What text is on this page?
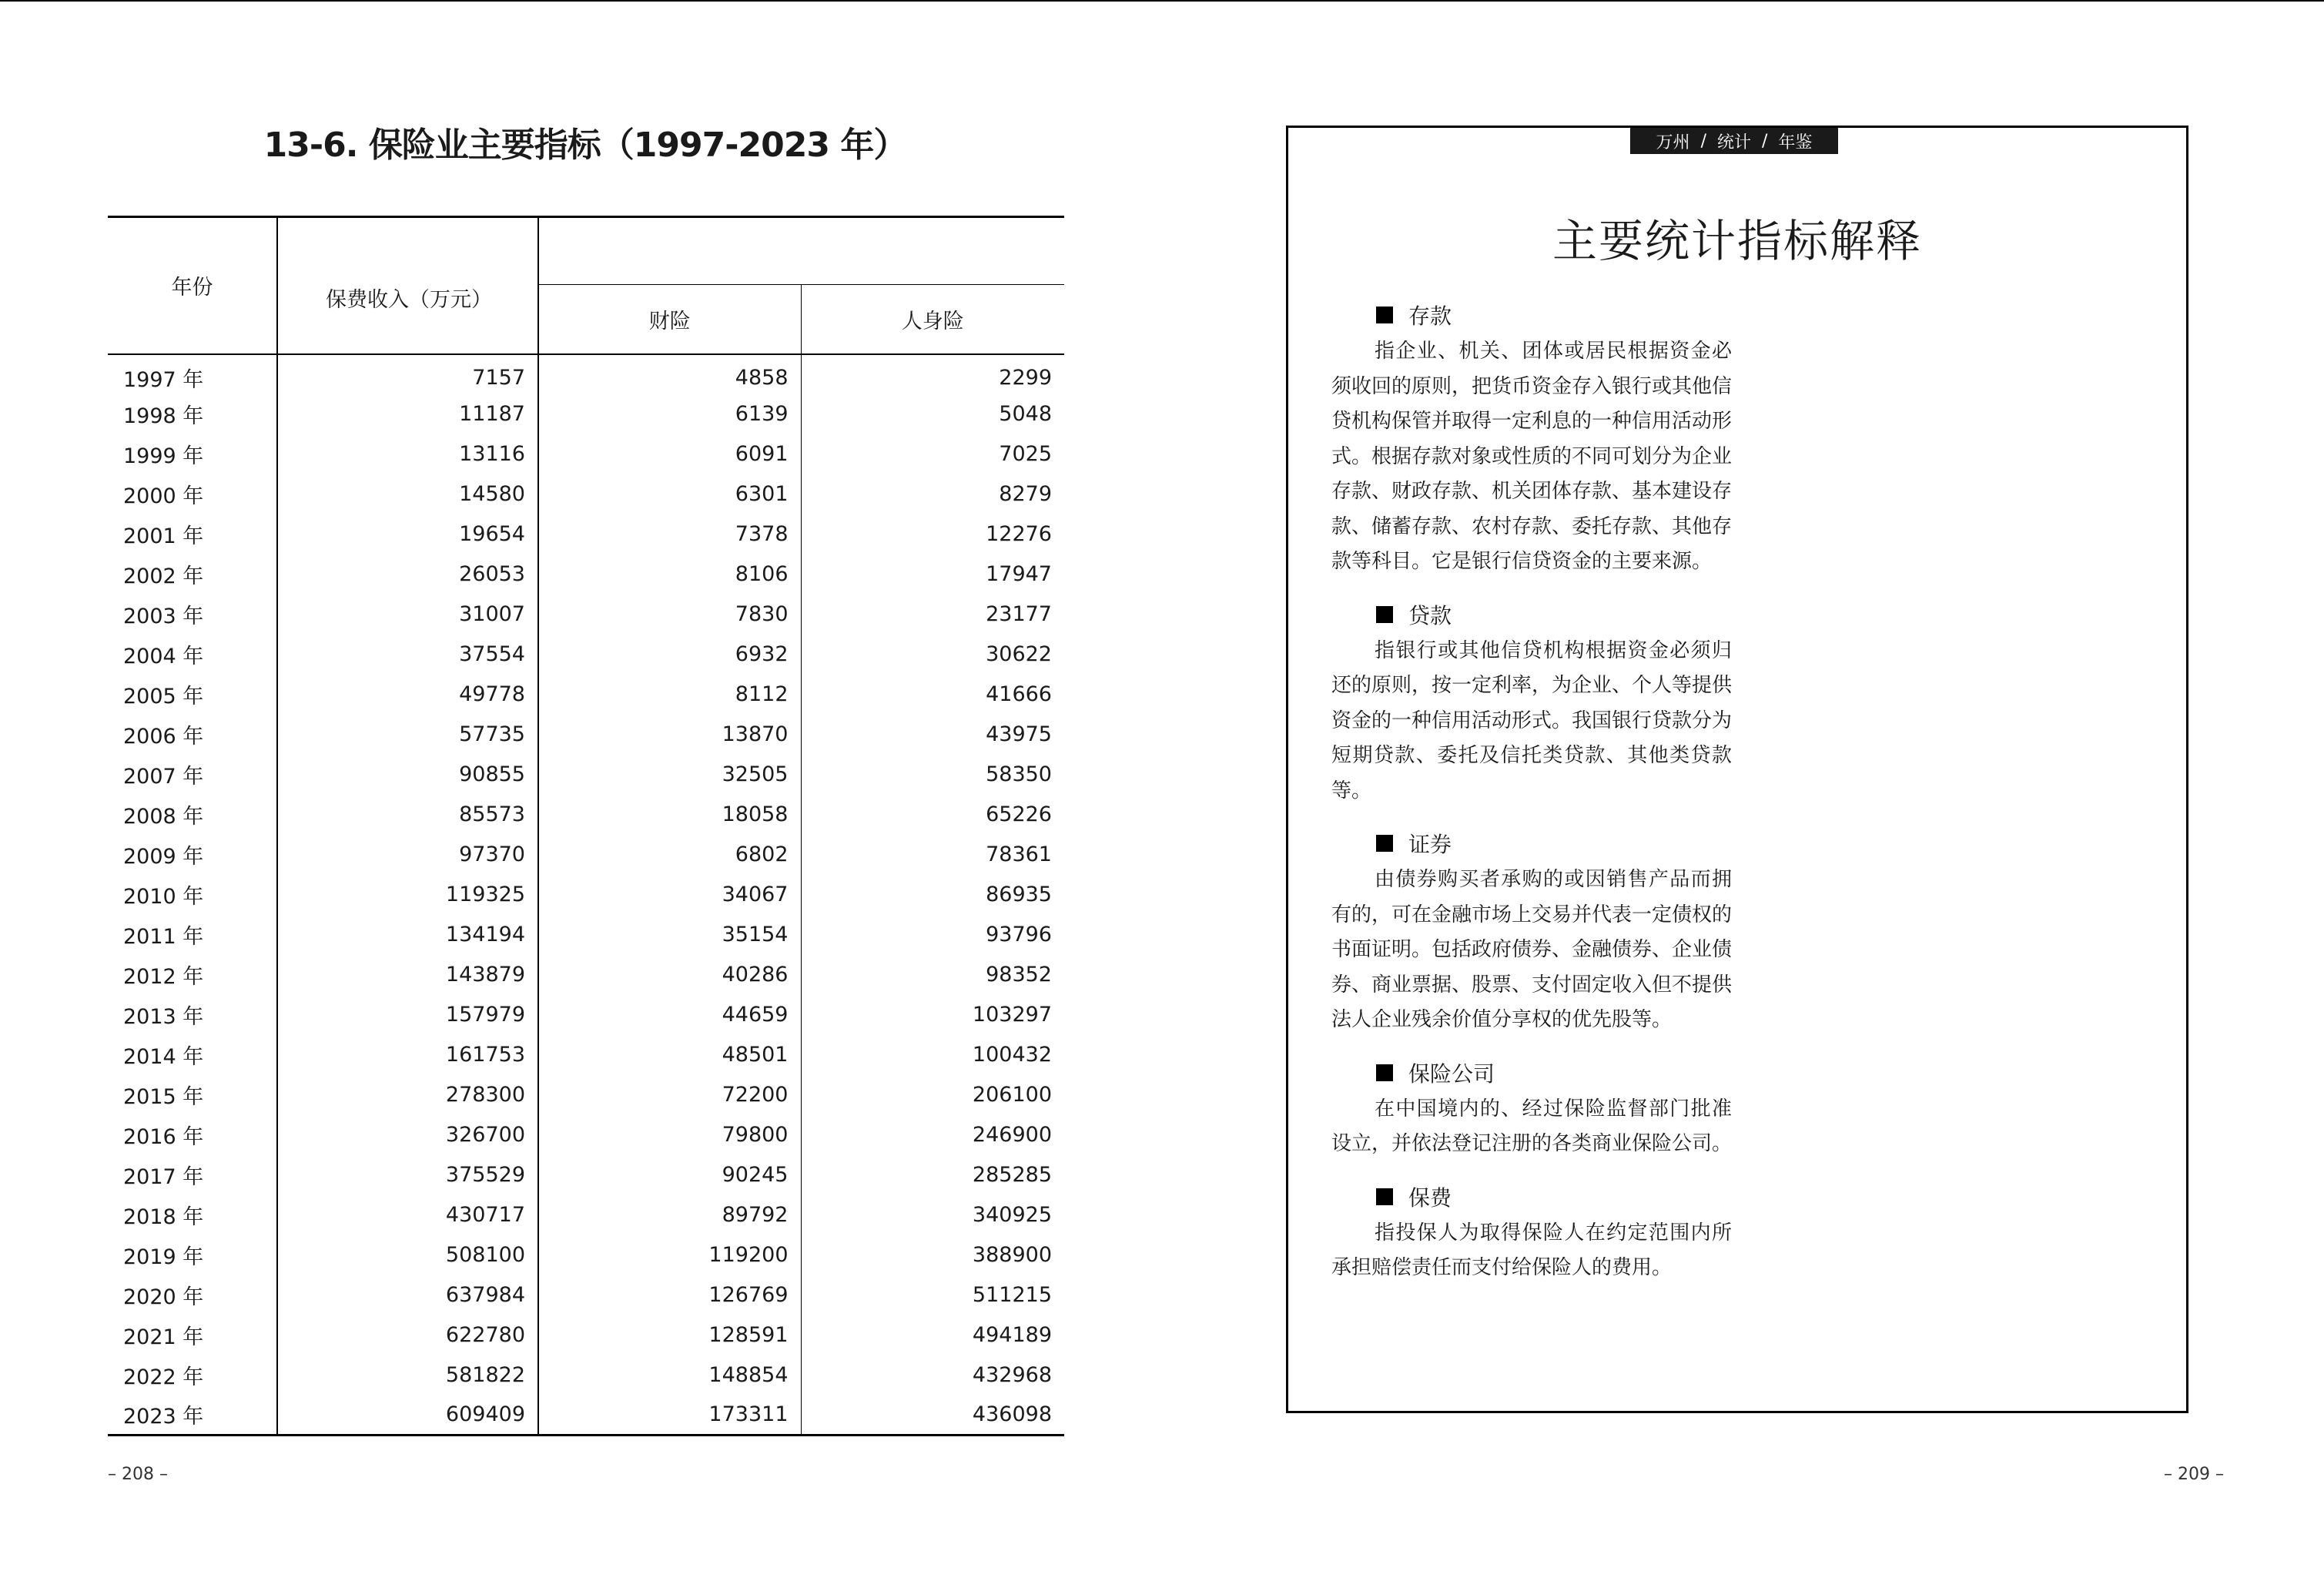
13-6. 保险业主要指标（1997-2023 年）
年份	保费收入（万元）		
		财险	人身险
1997 年	7157	4858	2299
1998 年	11187	6139	5048
1999 年	13116	6091	7025
2000 年	14580	6301	8279
2001 年	19654	7378	12276
2002 年	26053	8106	17947
2003 年	31007	7830	23177
2004 年	37554	6932	30622
2005 年	49778	8112	41666
2006 年	57735	13870	43975
2007 年	90855	32505	58350
2008 年	85573	18058	65226
2009 年	97370	6802	78361
2010 年	119325	34067	86935
2011 年	134194	35154	93796
2012 年	143879	40286	98352
2013 年	157979	44659	103297
2014 年	161753	48501	100432
2015 年	278300	72200	206100
2016 年	326700	79800	246900
2017 年	375529	90245	285285
2018 年	430717	89792	340925
2019 年	508100	119200	388900
2020 年	637984	126769	511215
2021 年	622780	128591	494189
2022 年	581822	148854	432968
2023 年	609409	173311	436098
– 208 –
万州 / 统计 / 年鉴
主要统计指标解释
存款

指企业、机关、团体或居民根据资金必须收回的原则，把货币资金存入银行或其他信贷机构保管并取得一定利息的一种信用活动形式。根据存款对象或性质的不同可划分为企业存款、财政存款、机关团体存款、基本建设存款、储蓄存款、农村存款、委托存款、其他存款等科目。它是银行信贷资金的主要来源。

贷款

指银行或其他信贷机构根据资金必须归还的原则，按一定利率，为企业、个人等提供资金的一种信用活动形式。我国银行贷款分为短期贷款、委托及信托类贷款、其他类贷款等。

证券

由债券购买者承购的或因销售产品而拥有的，可在金融市场上交易并代表一定债权的书面证明。包括政府债券、金融债券、企业债券、商业票据、股票、支付固定收入但不提供法人企业残余价值分享权的优先股等。

保险公司

在中国境内的、经过保险监督部门批准设立，并依法登记注册的各类商业保险公司。

保费

指投保人为取得保险人在约定范围内所承担赔偿责任而支付给保险人的费用。

– 209 –
